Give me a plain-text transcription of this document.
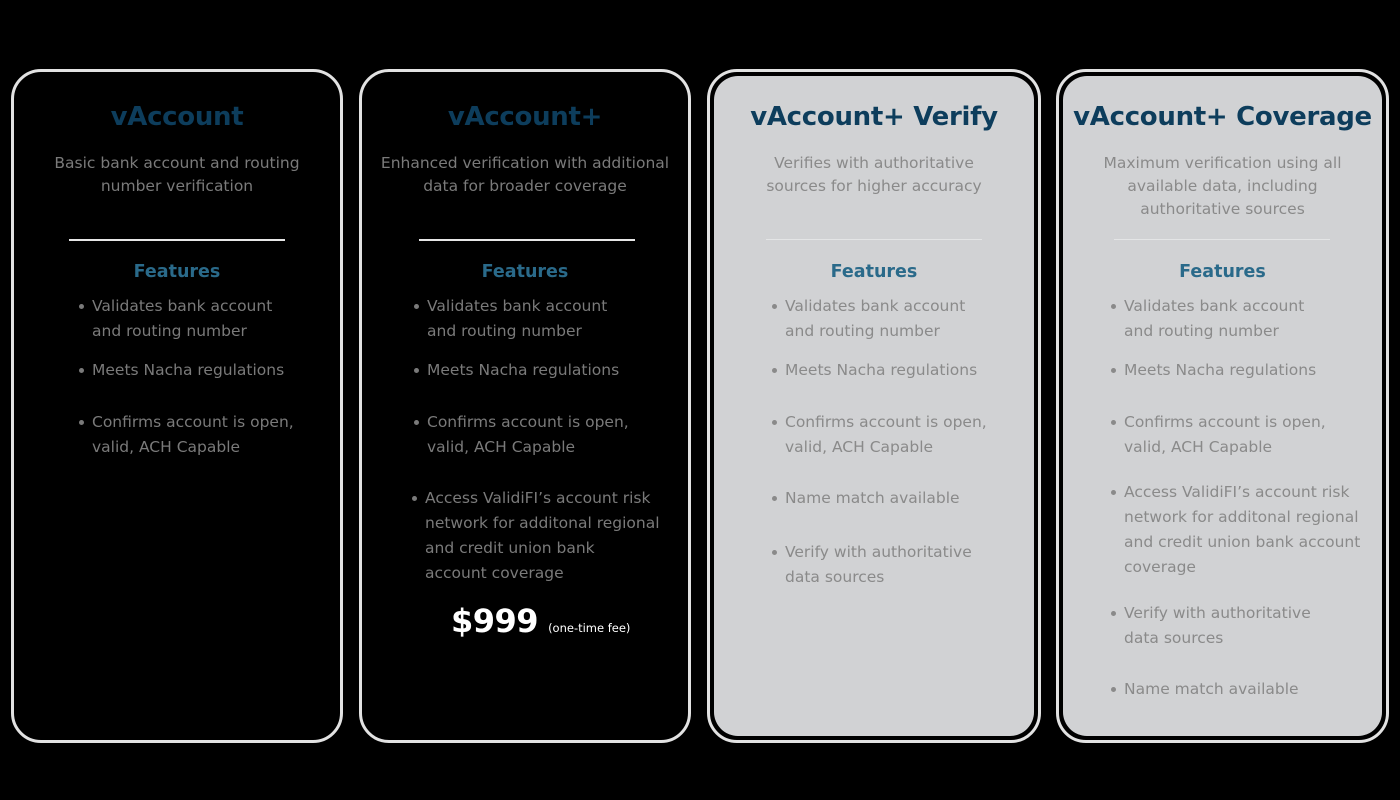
vAccount
Basic bank account and routing number verification
Features
Validates bank account and routing number
Meets Nacha regulations
Confirms account is open, valid, ACH Capable
vAccount+
Enhanced verification with additional data for broader coverage
Features
Validates bank account and routing number
Meets Nacha regulations
Confirms account is open, valid, ACH Capable
Access ValidiFI’s account risk network for additonal regional and credit union bank account coverage
$999 (one-time fee)
vAccount+ Verify
Verifies with authoritative sources for higher accuracy
Features
Validates bank account and routing number
Meets Nacha regulations
Confirms account is open, valid, ACH Capable
Name match available
Verify with authoritative data sources
vAccount+ Coverage
Maximum verification using all available data, including authoritative sources
Features
Validates bank account and routing number
Meets Nacha regulations
Confirms account is open, valid, ACH Capable
Access ValidiFI’s account risk network for additonal regional and credit union bank account coverage
Verify with authoritative data sources
Name match available
